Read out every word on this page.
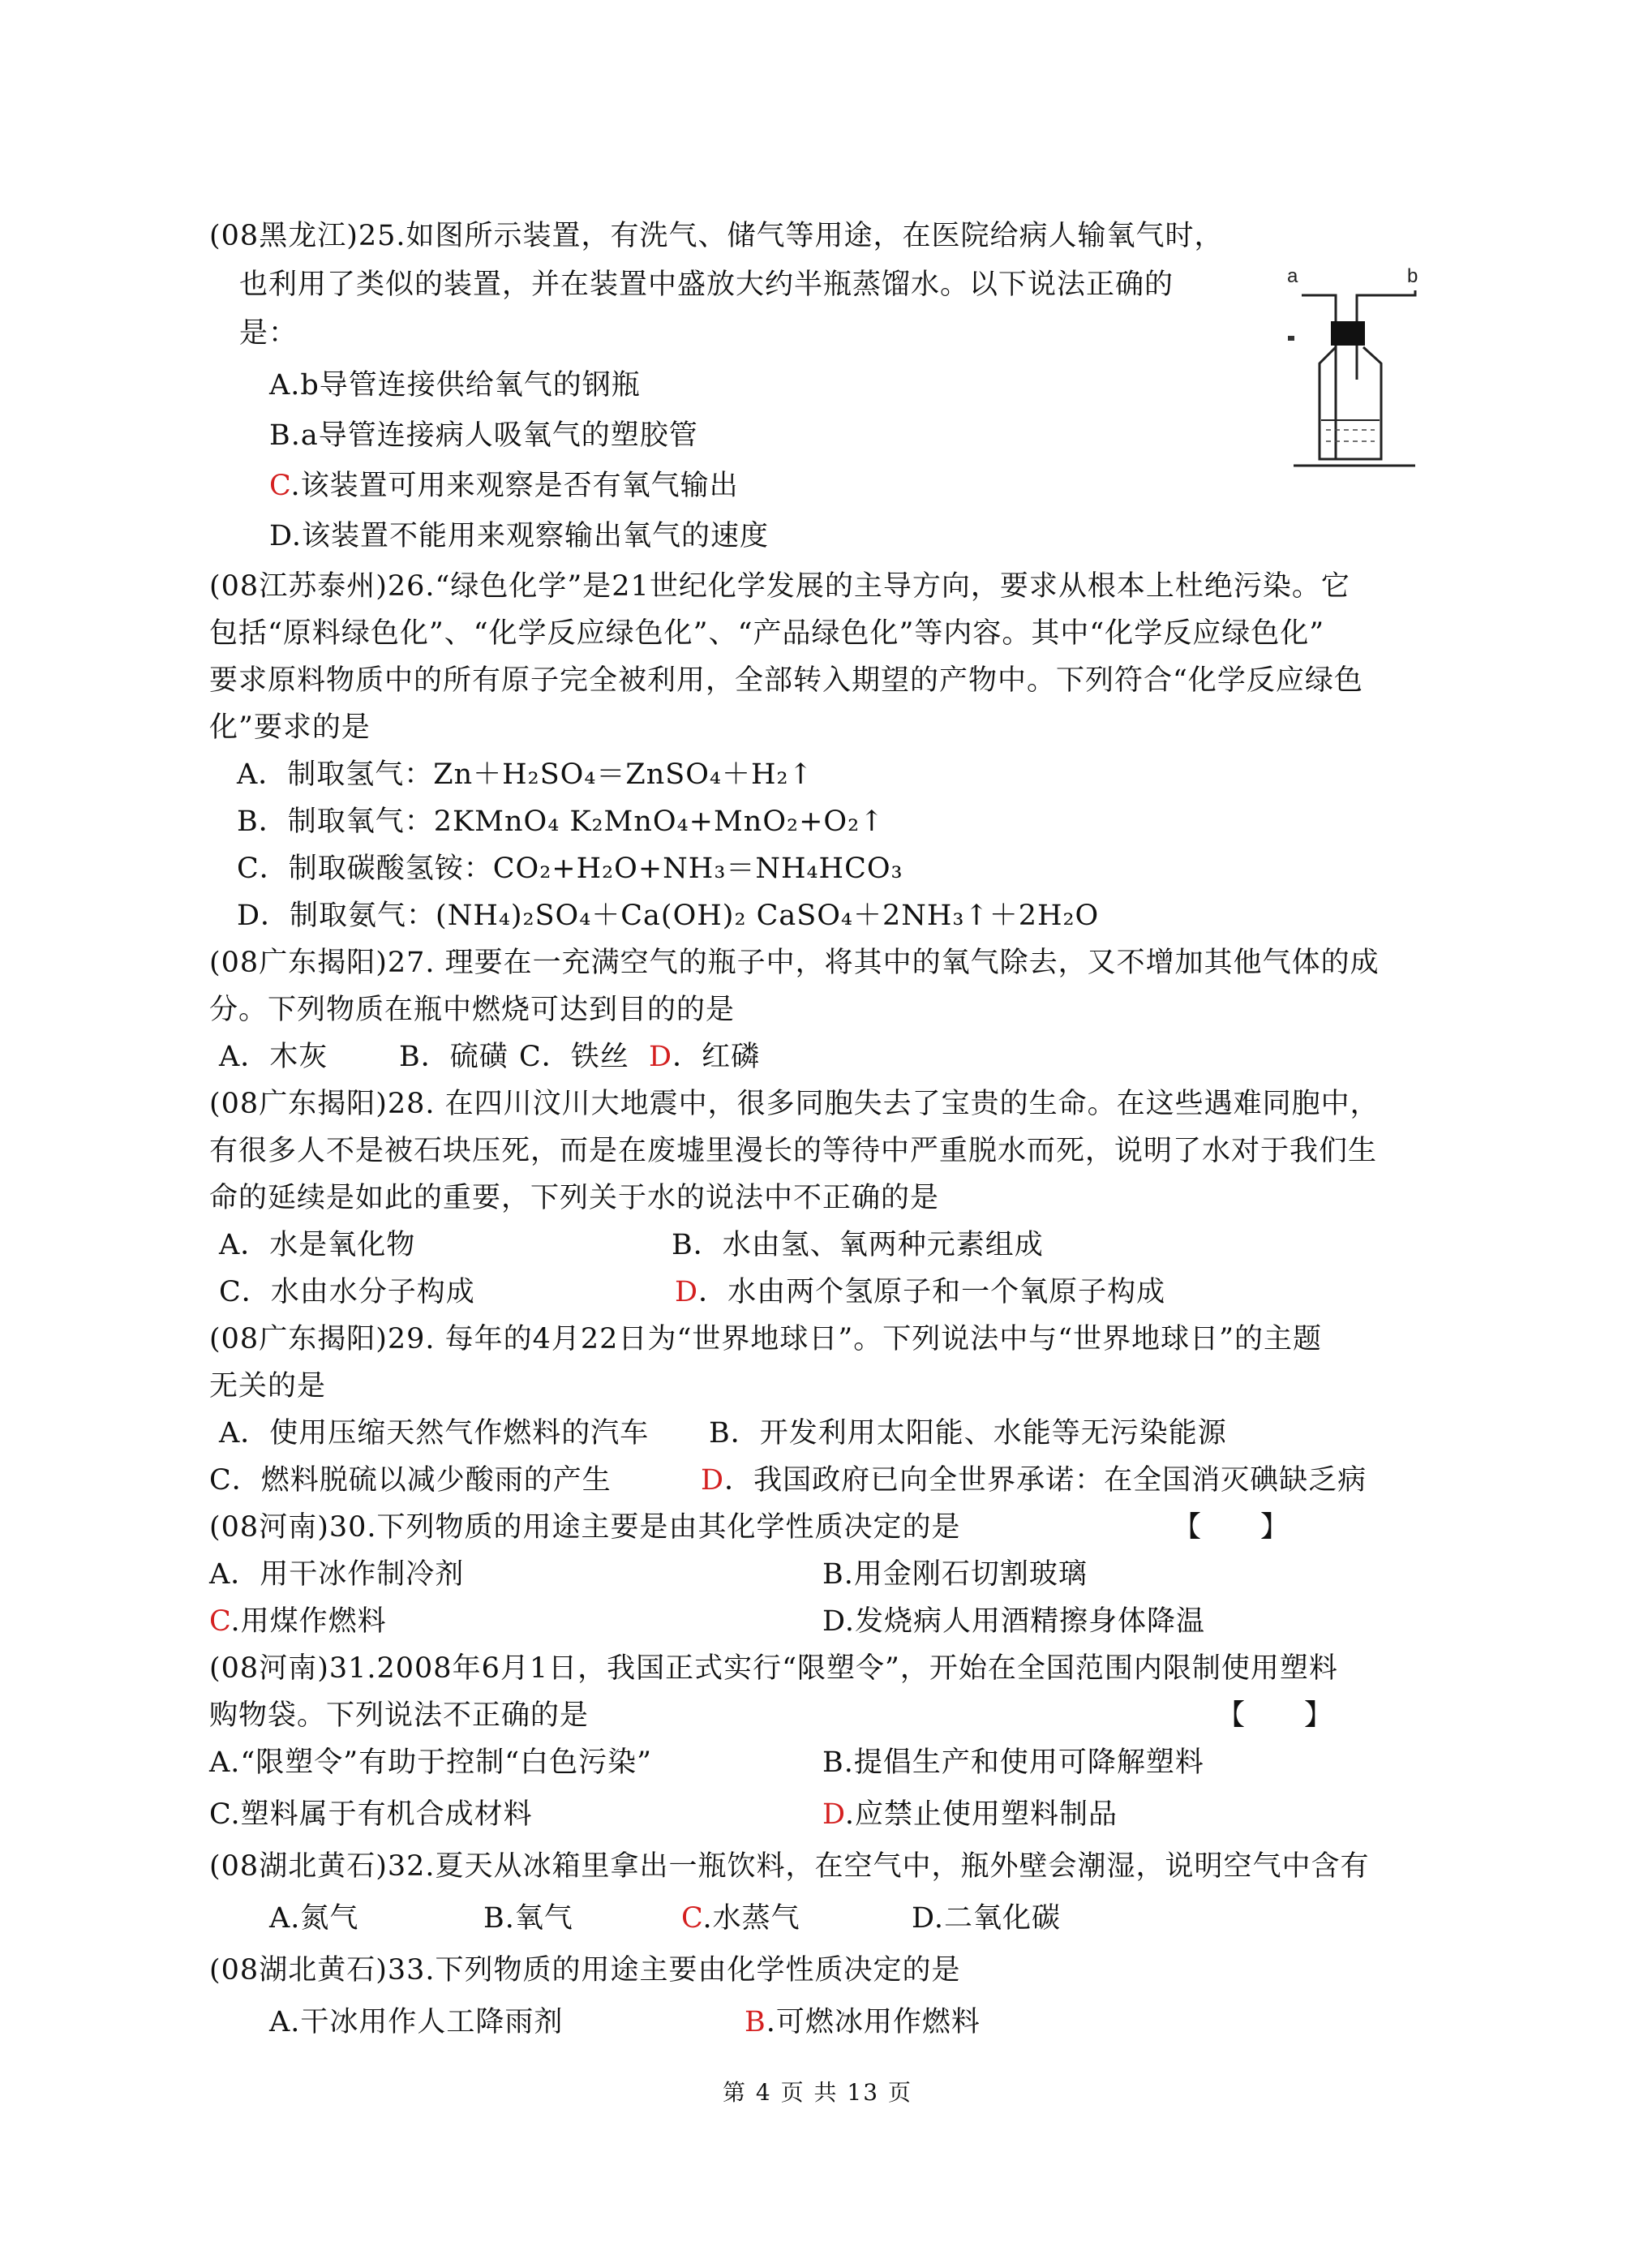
(08黑龙江)25.如图所示装置，有洗气、储气等用途，在医院给病人输氧气时，
也利用了类似的装置，并在装置中盛放大约半瓶蒸馏水。以下说法正确的
是：
A.b导管连接供给氧气的钢瓶
B.a导管连接病人吸氧气的塑胶管
C.该装置可用来观察是否有氧气输出
D.该装置不能用来观察输出氧气的速度
a	b
(08江苏泰州)26.“绿色化学”是21世纪化学发展的主导方向，要求从根本上杜绝污染。它
包括“原料绿色化”、“化学反应绿色化”、“产品绿色化”等内容。其中“化学反应绿色化”
要求原料物质中的所有原子完全被利用，全部转入期望的产物中。下列符合“化学反应绿色
化”要求的是
A．制取氢气：Zn＋H₂SO₄＝ZnSO₄＋H₂↑
B．制取氧气：2KMnO₄ K₂MnO₄+MnO₂+O₂↑
C．制取碳酸氢铵：CO₂+H₂O+NH₃＝NH₄HCO₃
D．制取氨气：(NH₄)₂SO₄＋Ca(OH)₂ CaSO₄＋2NH₃↑＋2H₂O
(08广东揭阳)27. 理要在一充满空气的瓶子中，将其中的氧气除去，又不增加其他气体的成
分。下列物质在瓶中燃烧可达到目的的是
A．木灰	B．硫磺 C．铁丝 D．红磷
(08广东揭阳)28. 在四川汶川大地震中，很多同胞失去了宝贵的生命。在这些遇难同胞中，
有很多人不是被石块压死，而是在废墟里漫长的等待中严重脱水而死，说明了水对于我们生
命的延续是如此的重要，下列关于水的说法中不正确的是
A．水是氧化物	B．水由氢、氧两种元素组成
C．水由水分子构成	D．水由两个氢原子和一个氧原子构成
(08广东揭阳)29. 每年的4月22日为“世界地球日”。下列说法中与“世界地球日”的主题
无关的是
A．使用压缩天然气作燃料的汽车 B．开发利用太阳能、水能等无污染能源
C．燃料脱硫以减少酸雨的产生	D．我国政府已向全世界承诺：在全国消灭碘缺乏病
(08河南)30.下列物质的用途主要是由其化学性质决定的是	【　　】
A．用干冰作制冷剂	B.用金刚石切割玻璃
C.用煤作燃料	D.发烧病人用酒精擦身体降温
(08河南)31.2008年6月1日，我国正式实行“限塑令”，开始在全国范围内限制使用塑料
购物袋。下列说法不正确的是	【　　】
A.“限塑令”有助于控制“白色污染”	B.提倡生产和使用可降解塑料
C.塑料属于有机合成材料	D.应禁止使用塑料制品
(08湖北黄石)32.夏天从冰箱里拿出一瓶饮料，在空气中，瓶外壁会潮湿，说明空气中含有
A.氮气	B.氧气	C.水蒸气	D.二氧化碳
(08湖北黄石)33.下列物质的用途主要由化学性质决定的是
A.干冰用作人工降雨剂	B.可燃冰用作燃料
第 4 页 共 13 页
